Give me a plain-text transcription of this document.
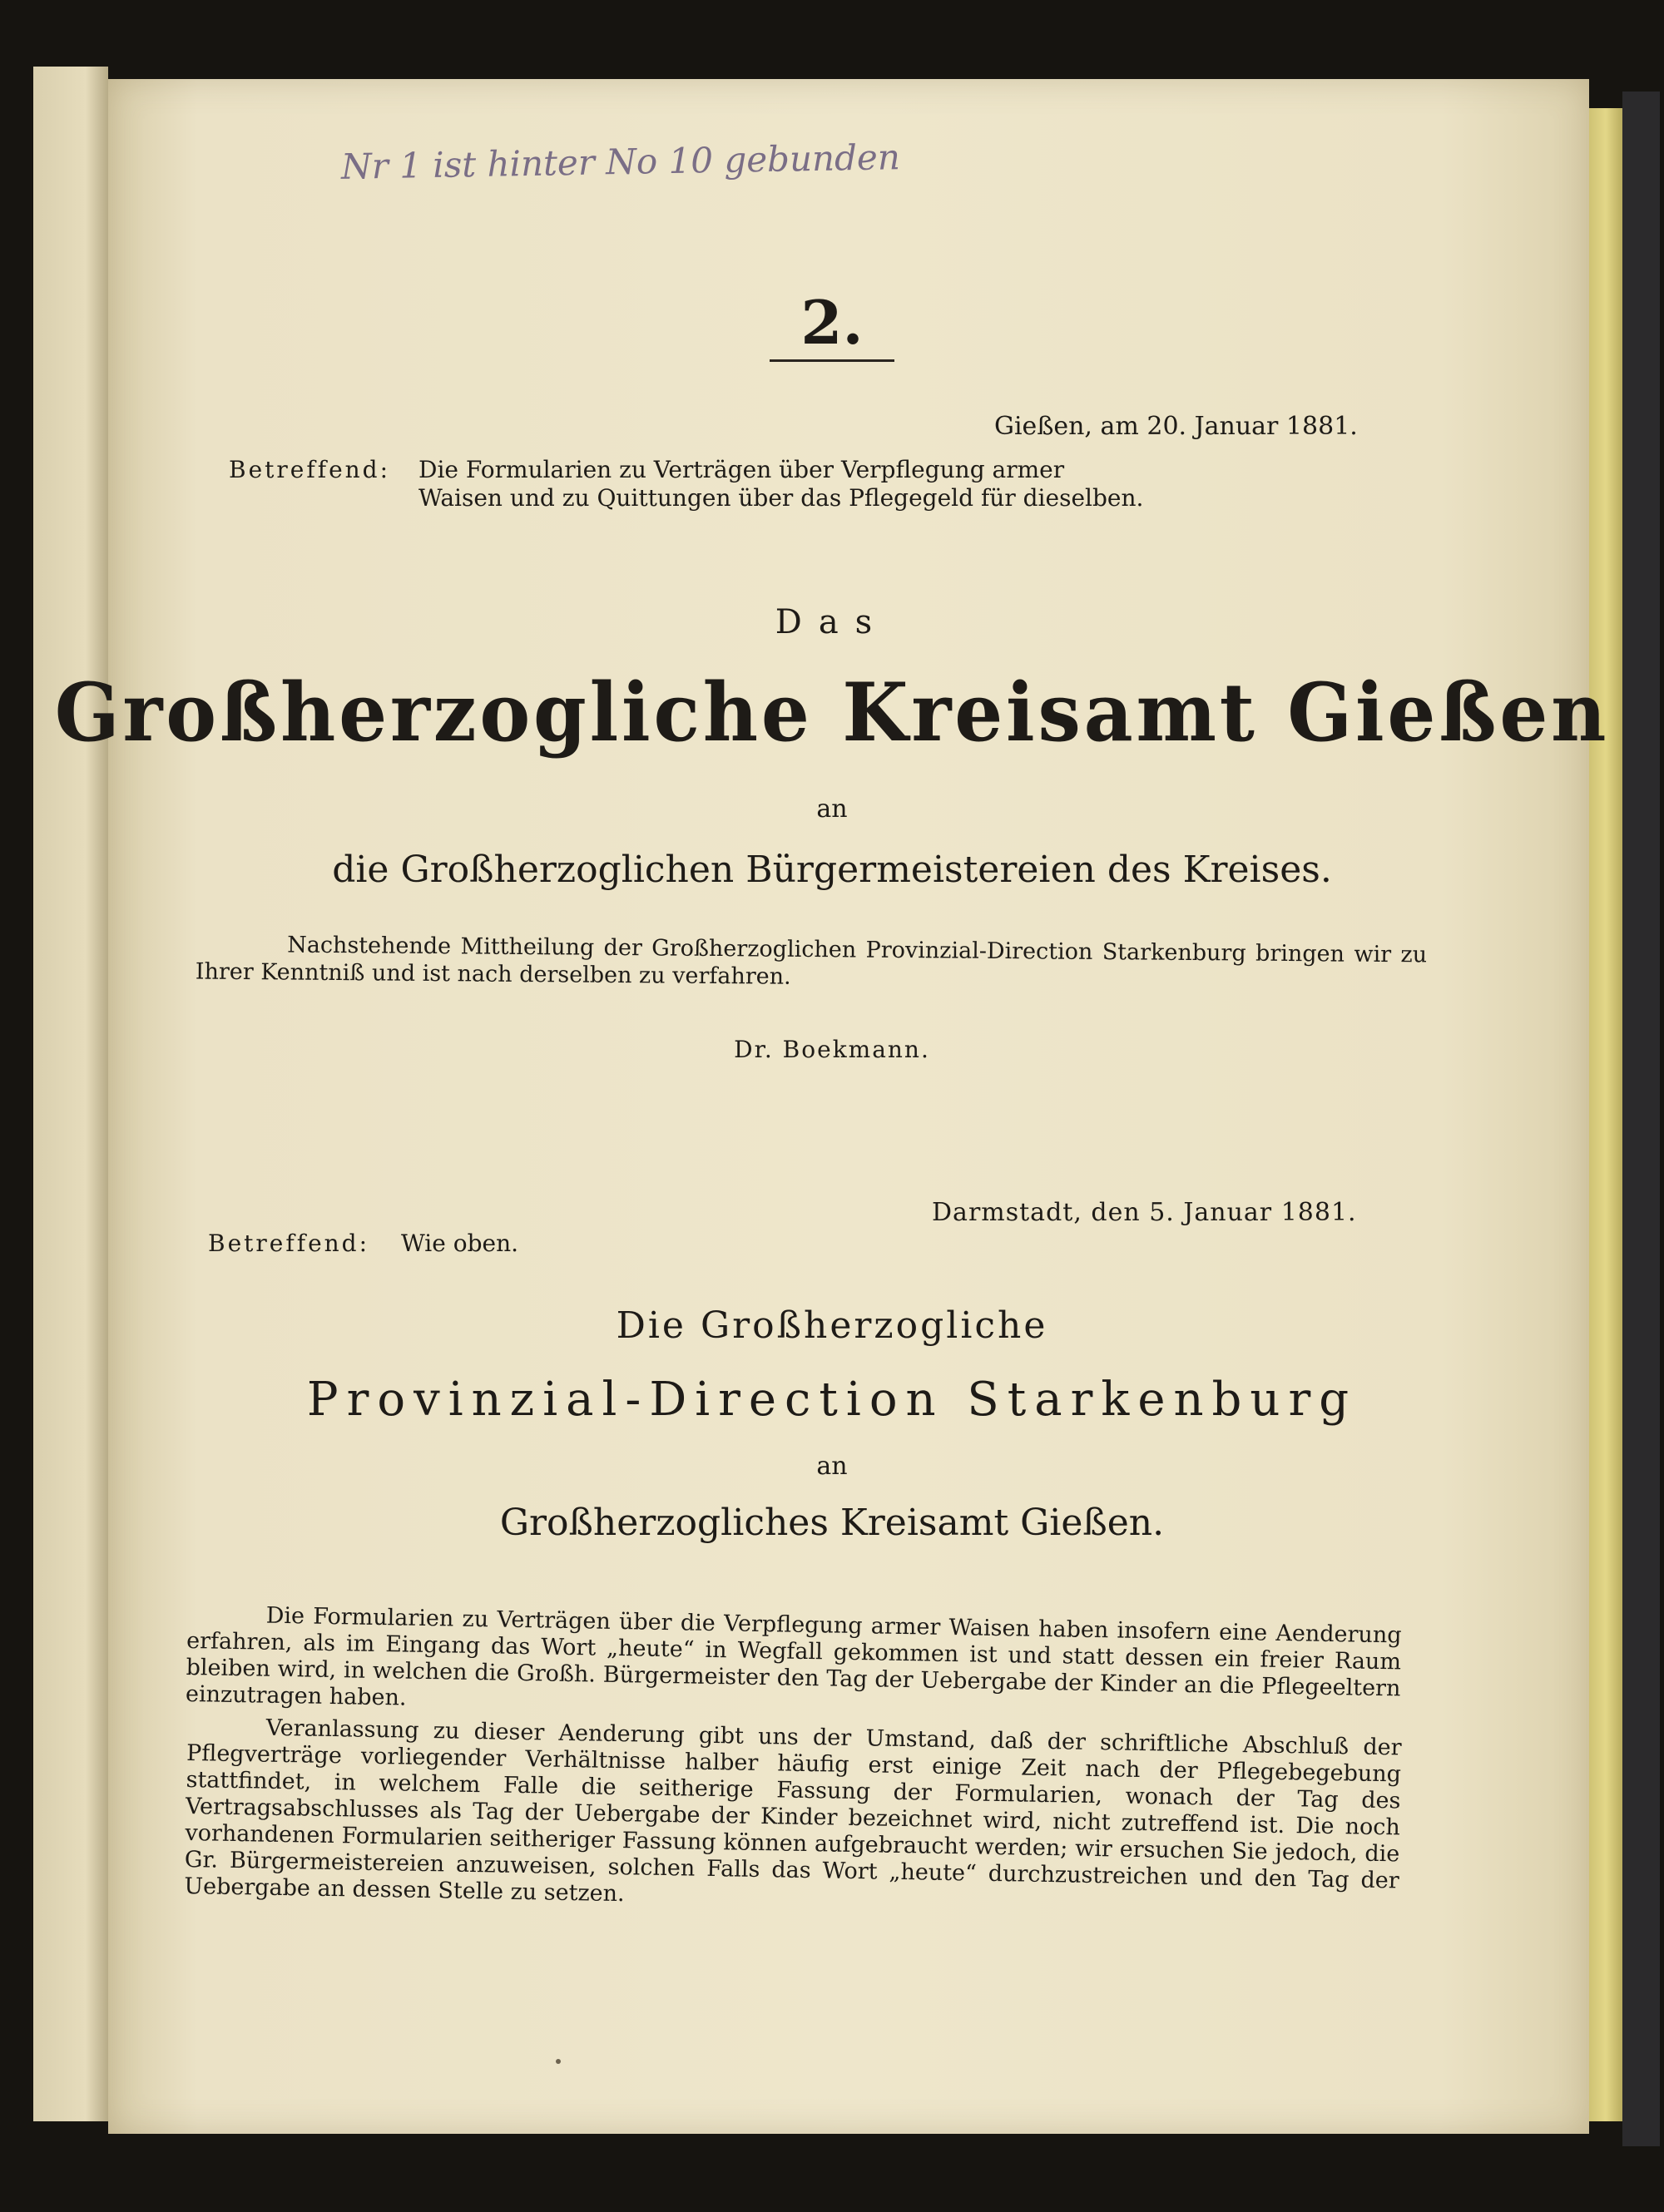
Nr 1 ist hinter No 10 gebunden
2.
Gießen, am 20. Januar 1881.
Betreffend: Die Formularien zu Verträgen über Verpflegung armer Waisen und zu Quittungen über das Pflegegeld für dieselben.
Das
Großherzogliche Kreisamt Gießen
an
die Großherzoglichen Bürgermeistereien des Kreises.
Nachstehende Mittheilung der Großherzoglichen Provinzial-Direction Starkenburg bringen wir zu Ihrer Kenntniß und ist nach derselben zu verfahren.
Dr. Boekmann.
Darmstadt, den 5. Januar 1881.
Betreffend: Wie oben.
Die Großherzogliche
Provinzial-Direction Starkenburg
an
Großherzogliches Kreisamt Gießen.
Die Formularien zu Verträgen über die Verpflegung armer Waisen haben insofern eine Aenderung erfahren, als im Eingang das Wort „heute“ in Wegfall gekommen ist und statt dessen ein freier Raum bleiben wird, in welchen die Großh. Bürgermeister den Tag der Uebergabe der Kinder an die Pflegeeltern einzutragen haben.
Veranlassung zu dieser Aenderung gibt uns der Umstand, daß der schriftliche Abschluß der Pflegverträge vorliegender Verhältnisse halber häufig erst einige Zeit nach der Pflegebegebung stattfindet, in welchem Falle die seitherige Fassung der Formularien, wonach der Tag des Vertragsabschlusses als Tag der Uebergabe der Kinder bezeichnet wird, nicht zutreffend ist. Die noch vorhandenen Formularien seitheriger Fassung können aufgebraucht werden; wir ersuchen Sie jedoch, die Gr. Bürgermeistereien anzuweisen, solchen Falls das Wort „heute“ durchzustreichen und den Tag der Uebergabe an dessen Stelle zu setzen.
